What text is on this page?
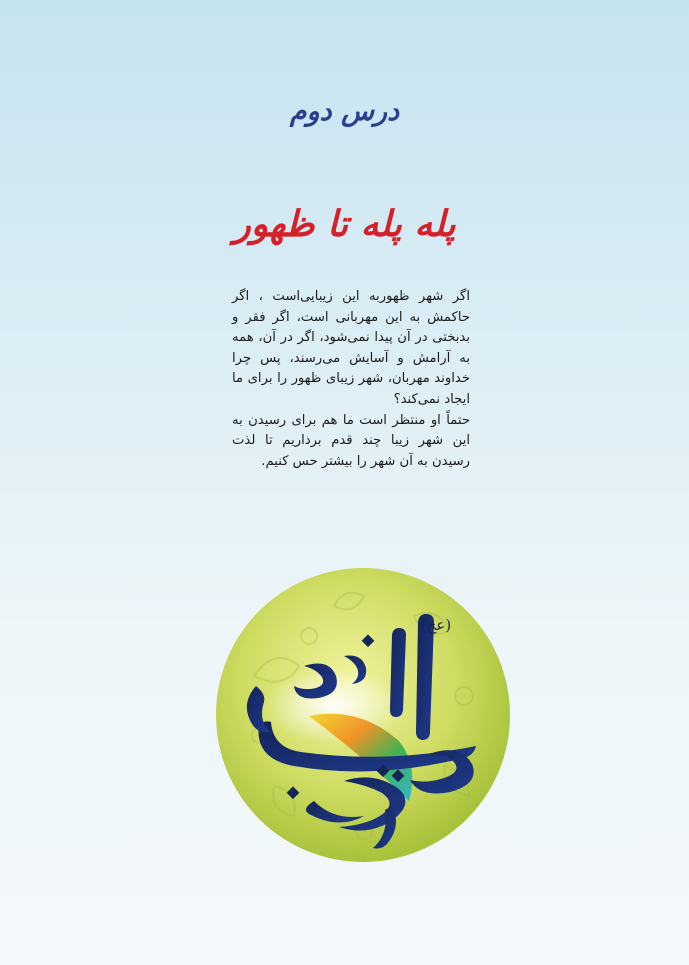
درس دوم
پله پله تا ظهور

اگر شهر ظهوربه این زیبایی‌است ، اگر حاکمش به این مهربانی است، اگر فقر و بدبختی در آن پیدا نمی‌شود، اگر در آن، همه به آرامش و آسایش می‌رسند، پس چرا خداوند مهربان، شهر زیبای ظهور را برای ما ایجاد نمی‌کند؟

حتماً او منتظر است ما هم برای رسیدن به این شهر زیبا چند قدم برداریم تا لذت رسیدن به آن شهر را بیشتر حس کنیم.

(عج)
